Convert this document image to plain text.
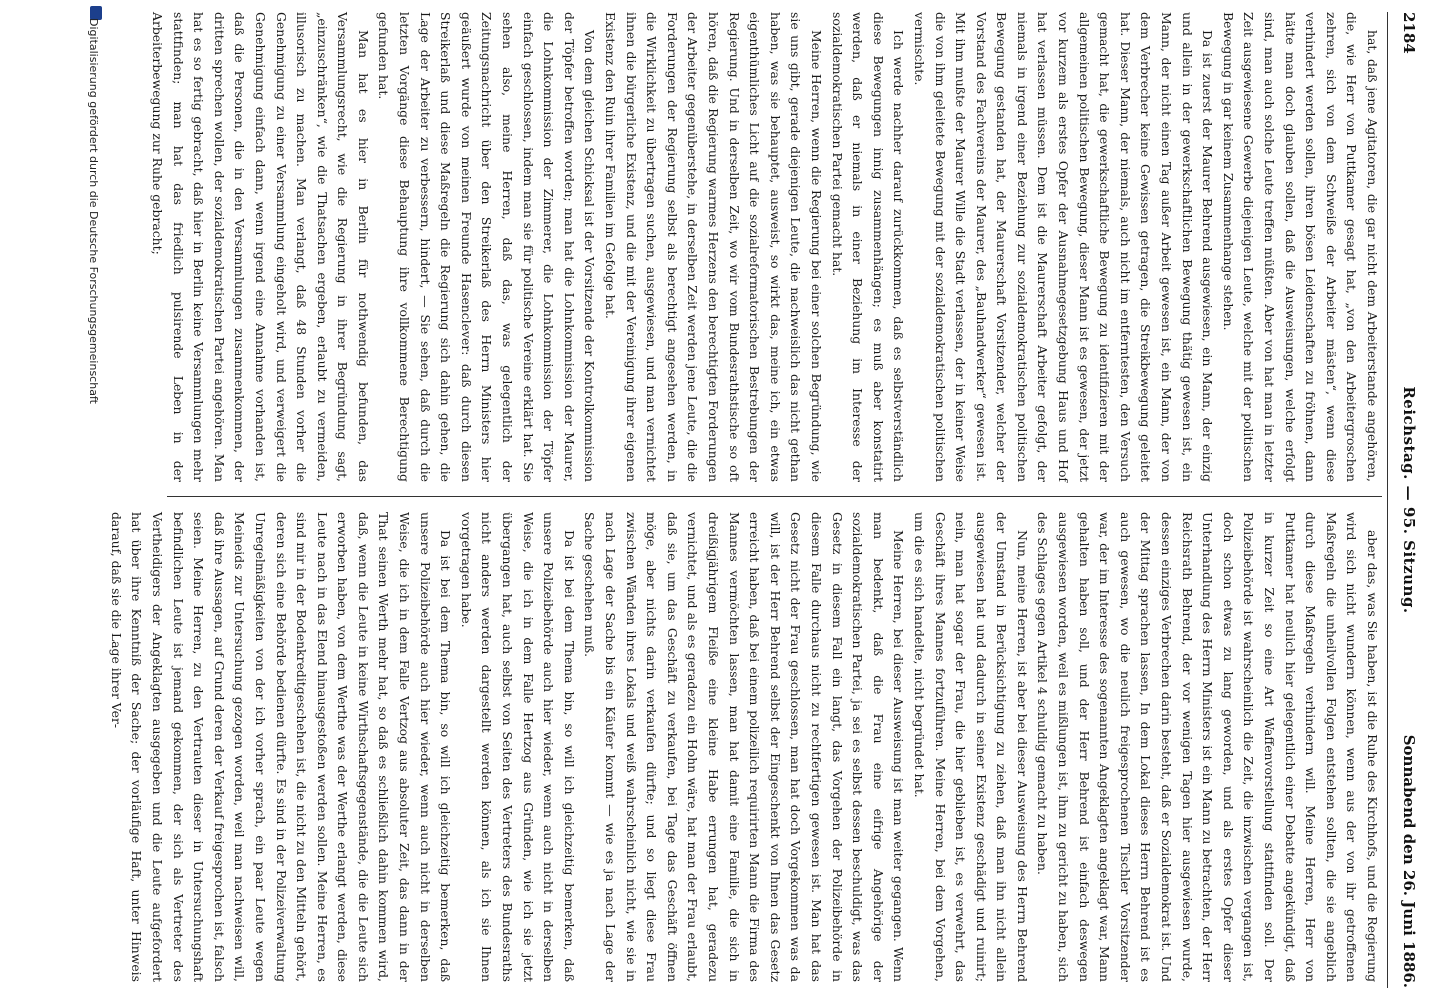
2184
Reichstag. — 95. Sitzung.
Sonnabend den 26. Juni 1886.

hat, daß jene Agitatoren, die gar nicht dem Arbeiterstande angehören, die, wie Herr von Puttkamer gesagt hat, „von den Arbeitergroschen zehren, sich von dem Schweiße der Arbeiter mästen“, wenn diese verhindert werden sollen, ihren bösen Leidenschaften zu fröhnen, dann hätte man doch glauben sollen, daß die Ausweisungen, welche erfolgt sind, man auch solche Leute treffen müßten. Aber von hat man in letzter Zeit ausgewiesene Gewerbe diejenigen Leute, welche mit der politischen Bewegung in gar keinem Zusammenhange stehen.

Da ist zuerst der Maurer Behrend ausgewiesen, ein Mann, der einzig und allein in der gewerkschaftlichen Bewegung thätig gewesen ist, ein Mann, der nicht einen Tag außer Arbeit gewesen ist, ein Mann, der von dem Verbrecher keine Gewissen getragen, die Streikbewegung geleitet hat. Dieser Mann, der niemals, auch nicht im entferntesten, den Versuch gemacht hat, die gewerkschaftliche Bewegung zu identifizieren mit der allgemeinen politischen Bewegung, dieser Mann ist es gewesen, der jetzt vor kurzem als erstes Opfer der Ausnahmegesetzgebung Haus und Hof hat verlassen müssen. Dem ist die Maurerschaft Arbeiter gefolgt, der niemals in irgend einer Beziehung zur sozialdemokratischen politischen Bewegung gestanden hat, der Maurerschaft Vorsitzender, welcher der Vorstand des Fachvereins der Maurer, des „Bauhandwerker“ gewesen ist. Mit ihm mußte der Maurer Wille die Stadt verlassen, der in keiner Weise die von ihm geleitete Bewegung mit der sozialdemokratischen politischen vermischte.

Ich werde nachher darauf zurückkommen, daß es selbstverständlich diese Bewegungen innig zusammenhängen; es muß aber konstatirt werden, daß er niemals in einer Beziehung im Interesse der sozialdemokratischen Partei gemacht hat.

Meine Herren, wenn die Regierung bei einer solchen Begründung, wie sie uns gibt, gerade diejenigen Leute, die nachweislich das nicht gethan haben, was sie behauptet, ausweist, so wirkt das, meine ich, ein etwas eigenthümliches Licht auf die sozialreformatorischen Bestrebungen der Regierung. Und in derselben Zeit, wo wir vom Bundesrathstische so oft hören, daß die Regierung warmes Herzens den berechtigten Forderungen der Arbeiter gegenüberstehe, in derselben Zeit werden jene Leute, die die Forderungen der Regierung selbst als berechtigt angesehen werden, in die Wirklichkeit zu übertragen suchen, ausgewiesen, und man vernichtet ihnen die bürgerliche Existenz, und die mit der Vereinigung ihrer eigenen Existenz den Ruin ihrer Familien im Gefolge hat.

Von dem gleichen Schicksal ist der Vorsitzende der Kontrolkommission der Töpfer betroffen worden; man hat die Lohnkommission der Maurer, die Lohnkommission der Zimmerer, die Lohnkommission der Töpfer einfach geschlossen, indem man sie für politische Vereine erklärt hat. Sie sehen also, meine Herren, daß das, was gelegentlich der Zeitungsnachricht über den Streikerlaß des Herrn Ministers hier geäußert wurde von meinen Freunde Hasenclever: daß durch diesen Streikerlaß und diese Maßregeln die Regierung sich dahin gehen, die Lage der Arbeiter zu verbessern, hindert, — Sie sehen, daß durch die letzten Vorgänge diese Behauptung ihre vollkommene Berechtigung gefunden hat.

Man hat es hier in Berlin für nothwendig befunden, das Versammlungsrecht, wie die Regierung in ihrer Begründung sagt, „einzuschränken“, wie die Thatsachen ergeben, erlaubt zu vermeiden, illusorisch zu machen. Man verlangt, daß 48 Stunden vorher die Genehmigung zu einer Versammlung eingeholt wird, und verweigert die Genehmigung einfach dann, wenn irgend eine Annahme vorhanden ist, daß die Personen, die in den Versammlungen zusammenkommen, der dritten sprechen wollen, der sozialdemokratischen Partei angehören. Man hat es so fertig gebracht, daß hier in Berlin keine Versammlungen mehr stattfinden; man hat das friedlich pulsirende Leben in der Arbeiterbewegung zur Ruhe gebracht;

aber das, was Sie haben, ist die Ruhe des Kirchhofs, und die Regierung wird sich nicht wundern können, wenn aus der von ihr getroffenen Maßregeln die unheilvollen Folgen entstehen sollten, die sie angeblich durch diese Maßregeln verhindern will. Meine Herren, Herr von Puttkamer hat neulich hier gelegentlich einer Debatte angekündigt, daß in kurzer Zeit so eine Art Waffenvorstellung stattfinden soll. Der Polizeibehörde ist wahrscheinlich die Zeit, die inzwischen vergangen ist, doch schon etwas zu lang geworden, und als erstes Opfer dieser Unterhandlung des Herrn Ministers ist ein Mann zu betrachten, der Herr Reichsrath Behrend, der vor wenigen Tagen hier ausgewiesen wurde, dessen einziges Verbrechen darin besteht, daß er Sozialdemokrat ist. Und der Mittag sprachen lassen, In dem Lokal dieses Herrn Behrend ist es auch gewesen, wo die neulich freigesprochenen Tischler Vorsitzender war, der im Interesse des sogenannten Angeklagten angeklagt war, Mann gehalten haben soll, und der Herr Behrend ist einfach deswegen ausgewiesen worden, weil es mißlungen ist, ihm zu gericht zu haben, sich des Schlages gegen Artikel 4 schuldig gemacht zu haben.

Nun, meine Herren, ist aber bei dieser Ausweisung des Herrn Behrend der Umstand in Berücksichtigung zu ziehen, daß man ihn nicht allein ausgewiesen hat und dadurch in seiner Existenz geschädigt und ruinirt; nein, man hat sogar der Frau, die hier geblieben ist, es verwehrt, das Geschäft ihres Mannes fortzuführen. Meine Herren, bei dem Vorgehen, um die es sich handelte, nicht begründet hat.

Meine Herren, bei dieser Ausweisung ist man weiter gegangen. Wenn man bedenkt, daß die Frau eine eifrige Angehörige der sozialdemokratischen Partei, ja sei es selbst dessen beschuldigt, was das Gesetz in diesem Fall ein langt, das Vorgehen der Polizeibehörde in diesem Falle durchaus nicht zu rechtfertigen gewesen ist. Man hat das Gesetz nicht der Frau geschlossen, man hat doch Vorgekommen was da will, ist der Herr Behrend selbst der Eingeschenkt von Ihnen das Gesetz erreicht haben, daß bei einem polizeilich requirirten Mann die Firma des Mannes vermöchten lassen, man hat damit eine Familie, die sich in dreißigjährigem Fleiße eine kleine Habe errungen hat, geradezu vernichtet, und als es geradezu ein Hohn wäre, hat man der Frau erlaubt, daß sie, um das Geschäft zu verkaufen, bei Tage das Geschäft öffnen möge, aber nichts darin verkaufen dürfte; und so liegt diese Frau zwischen Wänden ihres Lokals und weiß wahrscheinlich nicht, wie sie in nach Lage der Sache bis ein Käufer kommt — wie es ja nach Lage der Sache geschehen muß.

Da ist bei dem Thema bin, so will ich gleichzeitig bemerken, daß unsere Polizeibehörde auch hier wieder, wenn auch nicht in derselben Weise, die ich in dem Falle Hertzog aus Gründen, wie ich sie jetzt übergangen hat, auch selbst von Seiten des Vertreters des Bundesraths nicht anders werden dargestellt werden können, als ich sie Ihnen vorgetragen habe.

Da ist bei dem Thema bin, so will ich gleichzeitig bemerken, daß unsere Polizeibehörde auch hier wieder, wenn auch nicht in derselben Weise, die ich in dem Falle Vertzog aus absoluter Zeit, das dann in der That seinen Werth mehr hat, so daß es schließlich dahin kommen wird, daß, wenn die Leute in keine Wirthschaftsgegenstände, die die Leute sich erworben haben, von dem Werthe was der Werthe erlangt werden, diese Leute nach in das Elend hinausgestoßen werden sollen. Meine Herren, es sind mir in der Bodenkreditgeschehen ist, die nicht zu den Mitteln gehört, deren sich eine Behörde bedienen dürfte. Es sind in der Polizeiverwaltung Unregelmäßigkeiten von der ich vorher sprach, ein paar Leute wegen Meineids zur Untersuchung gezogen worden, weil man nachweisen will, daß ihre Aussagen, auf Grund deren der Verkauf freigesprochen ist, falsch seien. Meine Herren, zu den Vertrauten dieser in Untersuchungshaft befindlichen Leute ist jemand gekommen, der sich als Vertreter des Vertheidigers der Angeklagten ausgegeben und die Leute aufgefordert hat über ihre Kenntniß der Sache; der vorläufige Haft, unter Hinweis darauf, daß sie die Lage ihrer Ver-

Digitalisierung gefördert durch die Deutsche Forschungsgemeinschaft
